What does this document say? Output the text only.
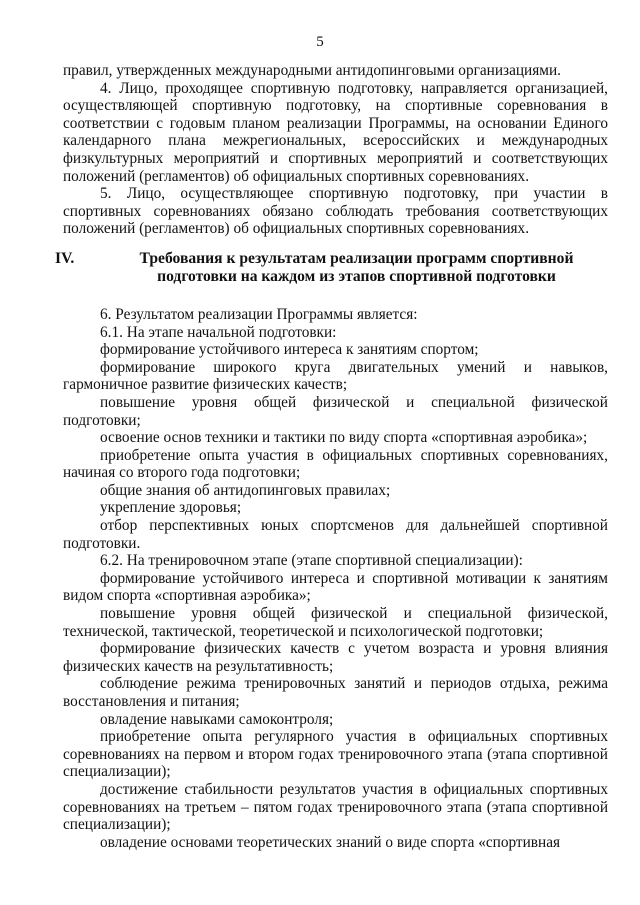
5

правил, утвержденных международными антидопинговыми организациями.

4. Лицо, проходящее спортивную подготовку, направляется организацией, осуществляющей спортивную подготовку, на спортивные соревнования в соответствии с годовым планом реализации Программы, на основании Единого календарного плана межрегиональных, всероссийских и международных физкультурных мероприятий и спортивных мероприятий и соответствующих положений (регламентов) об официальных спортивных соревнованиях.

5. Лицо, осуществляющее спортивную подготовку, при участии в спортивных соревнованиях обязано соблюдать требования соответствующих положений (регламентов) об официальных спортивных соревнованиях.

IV.	Требования к результатам реализации программ спортивной подготовки на каждом из этапов спортивной подготовки

6. Результатом реализации Программы является:

6.1. На этапе начальной подготовки:

формирование устойчивого интереса к занятиям спортом;

формирование широкого круга двигательных умений и навыков, гармоничное развитие физических качеств;

повышение уровня общей физической и специальной физической подготовки;

освоение основ техники и тактики по виду спорта «спортивная аэробика»;

приобретение опыта участия в официальных спортивных соревнованиях, начиная со второго года подготовки;

общие знания об антидопинговых правилах;

укрепление здоровья;

отбор перспективных юных спортсменов для дальнейшей спортивной подготовки.

6.2. На тренировочном этапе (этапе спортивной специализации):

формирование устойчивого интереса и спортивной мотивации к занятиям видом спорта «спортивная аэробика»;

повышение уровня общей физической и специальной физической, технической, тактической, теоретической и психологической подготовки;

формирование физических качеств с учетом возраста и уровня влияния физических качеств на результативность;

соблюдение режима тренировочных занятий и периодов отдыха, режима восстановления и питания;

овладение навыками самоконтроля;

приобретение опыта регулярного участия в официальных спортивных соревнованиях на первом и втором годах тренировочного этапа (этапа спортивной специализации);

достижение стабильности результатов участия в официальных спортивных соревнованиях на третьем – пятом годах тренировочного этапа (этапа спортивной специализации);

овладение основами теоретических знаний о виде спорта «спортивная
